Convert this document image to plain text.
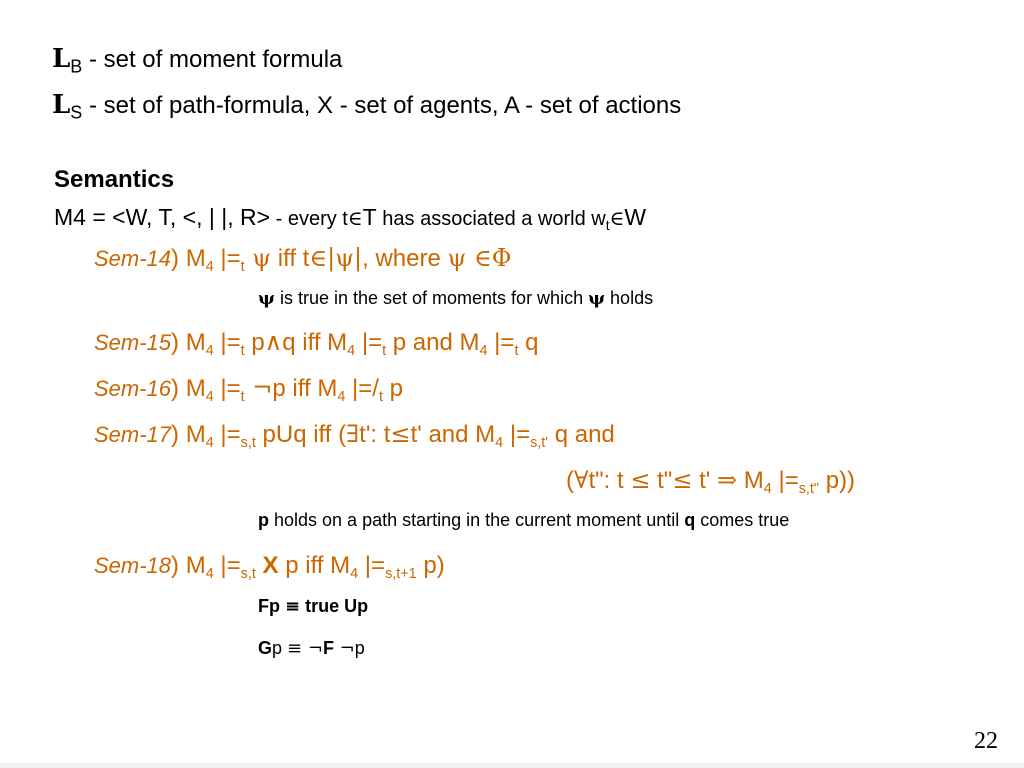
$L_B$ - set of moment formula
$L_S$ - set of path-formula, X - set of agents, A - set of actions
Semantics
M4 = <W, T, <, | |, R> - every t∈T has associated a world $w_t\in W$
Sem-14) $M_4$ $|=_t$ ψ iff t∈|ψ|, where ψ ∈Φ
ψ is true in the set of moments for which ψ holds
Sem-15) $M_4$ $|=_t$ p∧q iff $M_4$ $|=_t$ p and $M_4$ $|=_t$ q
Sem-16) $M_4$ $|=_t$ ¬p iff $M_4$ $|=/_t$ p
Sem-17) $M_4$ $|=_{s,t}$ pUq iff (∃t': t≤t' and $M_4$ $|=_{s,t'}$ q and
(∀t": t ≤ t"≤ t' ⇒ $M_4$ $|=_{s,t"}$ p))
p holds on a path starting in the current moment until q comes true
Sem-18) $M_4$ $|=_{s,t}$ X p iff $M_4$ $|=_{s,t+1}$ p)
Fp ≡ true Up
Gp ≡ ¬F ¬p
22
